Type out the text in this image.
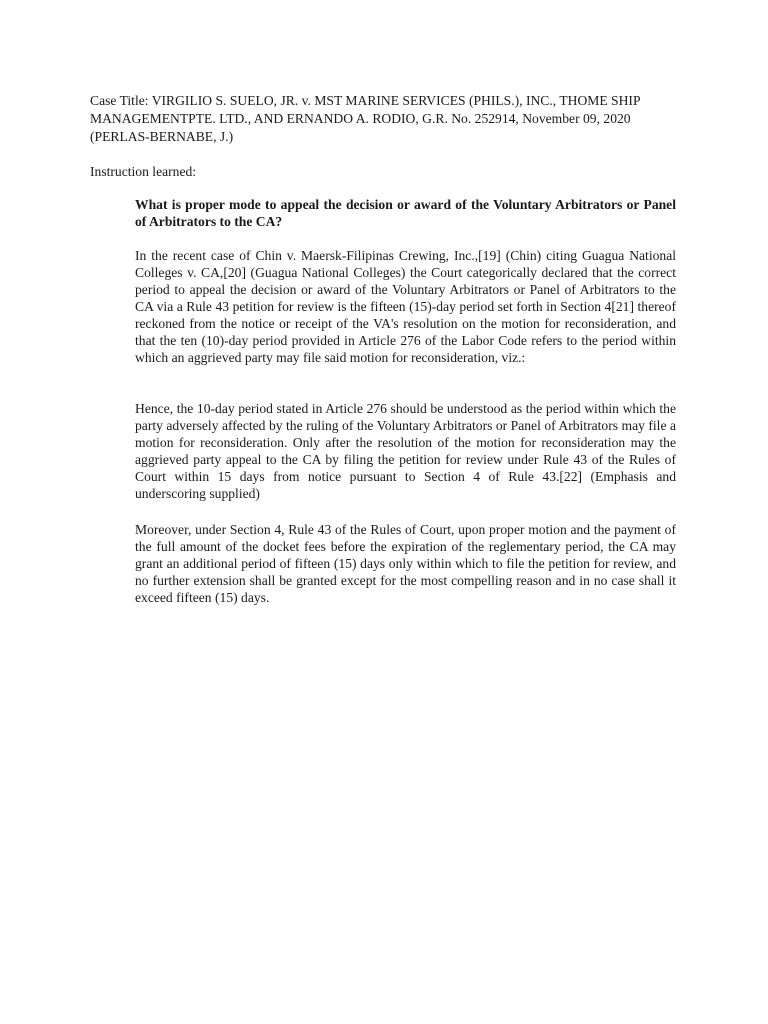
Case Title: VIRGILIO S. SUELO, JR. v. MST MARINE SERVICES (PHILS.), INC., THOME SHIP MANAGEMENTPTE. LTD., AND ERNANDO A. RODIO, G.R. No. 252914, November 09, 2020 (PERLAS-BERNABE, J.)

Instruction learned:

What is proper mode to appeal the decision or award of the Voluntary Arbitrators or Panel of Arbitrators to the CA?

In the recent case of Chin v. Maersk-Filipinas Crewing, Inc.,[19] (Chin) citing Guagua National Colleges v. CA,[20] (Guagua National Colleges) the Court categorically declared that the correct period to appeal the decision or award of the Voluntary Arbitrators or Panel of Arbitrators to the CA via a Rule 43 petition for review is the fifteen (15)-day period set forth in Section 4[21] thereof reckoned from the notice or receipt of the VA's resolution on the motion for reconsideration, and that the ten (10)-day period provided in Article 276 of the Labor Code refers to the period within which an aggrieved party may file said motion for reconsideration, viz.:

Hence, the 10-day period stated in Article 276 should be understood as the period within which the party adversely affected by the ruling of the Voluntary Arbitrators or Panel of Arbitrators may file a motion for reconsideration. Only after the resolution of the motion for reconsideration may the aggrieved party appeal to the CA by filing the petition for review under Rule 43 of the Rules of Court within 15 days from notice pursuant to Section 4 of Rule 43.[22] (Emphasis and underscoring supplied)

Moreover, under Section 4, Rule 43 of the Rules of Court, upon proper motion and the payment of the full amount of the docket fees before the expiration of the reglementary period, the CA may grant an additional period of fifteen (15) days only within which to file the petition for review, and no further extension shall be granted except for the most compelling reason and in no case shall it exceed fifteen (15) days.
